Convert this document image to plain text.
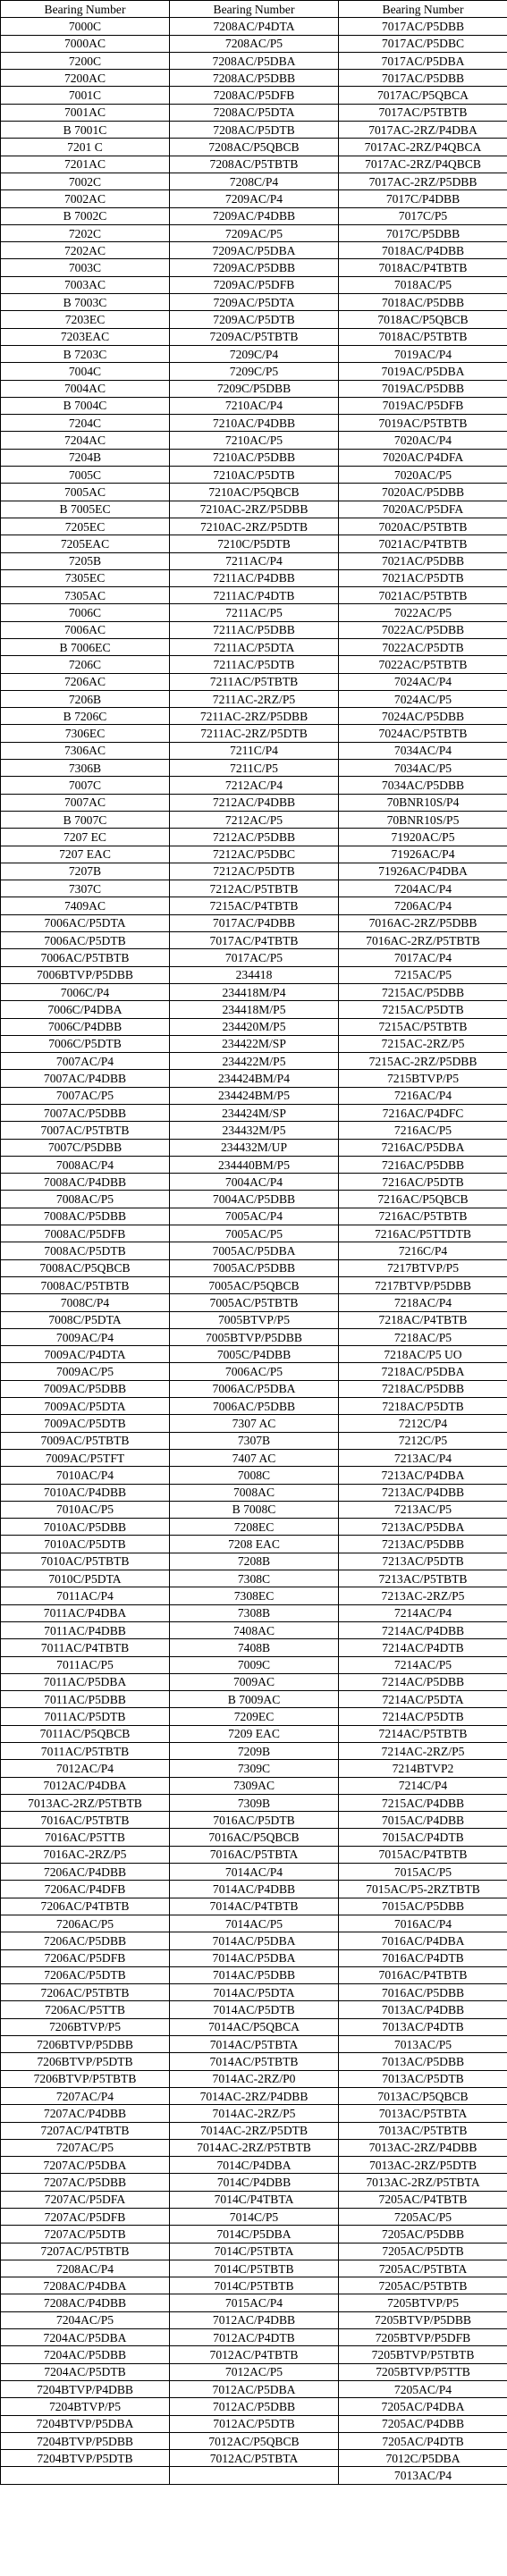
Bearing Number	Bearing Number	Bearing Number
7000C	7208AC/P4DTA	7017AC/P5DBB
7000AC	7208AC/P5	7017AC/P5DBC
7200C	7208AC/P5DBA	7017AC/P5DBA
7200AC	7208AC/P5DBB	7017AC/P5DBB
7001C	7208AC/P5DFB	7017AC/P5QBCA
7001AC	7208AC/P5DTA	7017AC/P5TBTB
B 7001C	7208AC/P5DTB	7017AC-2RZ/P4DBA
7201 C	7208AC/P5QBCB	7017AC-2RZ/P4QBCA
7201AC	7208AC/P5TBTB	7017AC-2RZ/P4QBCB
7002C	7208C/P4	7017AC-2RZ/P5DBB
7002AC	7209AC/P4	7017C/P4DBB
B 7002C	7209AC/P4DBB	7017C/P5
7202C	7209AC/P5	7017C/P5DBB
7202AC	7209AC/P5DBA	7018AC/P4DBB
7003C	7209AC/P5DBB	7018AC/P4TBTB
7003AC	7209AC/P5DFB	7018AC/P5
B 7003C	7209AC/P5DTA	7018AC/P5DBB
7203EC	7209AC/P5DTB	7018AC/P5QBCB
7203EAC	7209AC/P5TBTB	7018AC/P5TBTB
B 7203C	7209C/P4	7019AC/P4
7004C	7209C/P5	7019AC/P5DBA
7004AC	7209C/P5DBB	7019AC/P5DBB
B 7004C	7210AC/P4	7019AC/P5DFB
7204C	7210AC/P4DBB	7019AC/P5TBTB
7204AC	7210AC/P5	7020AC/P4
7204B	7210AC/P5DBB	7020AC/P4DFA
7005C	7210AC/P5DTB	7020AC/P5
7005AC	7210AC/P5QBCB	7020AC/P5DBB
B 7005EC	7210AC-2RZ/P5DBB	7020AC/P5DFA
7205EC	7210AC-2RZ/P5DTB	7020AC/P5TBTB
7205EAC	7210C/P5DTB	7021AC/P4TBTB
7205B	7211AC/P4	7021AC/P5DBB
7305EC	7211AC/P4DBB	7021AC/P5DTB
7305AC	7211AC/P4DTB	7021AC/P5TBTB
7006C	7211AC/P5	7022AC/P5
7006AC	7211AC/P5DBB	7022AC/P5DBB
B 7006EC	7211AC/P5DTA	7022AC/P5DTB
7206C	7211AC/P5DTB	7022AC/P5TBTB
7206AC	7211AC/P5TBTB	7024AC/P4
7206B	7211AC-2RZ/P5	7024AC/P5
B 7206C	7211AC-2RZ/P5DBB	7024AC/P5DBB
7306EC	7211AC-2RZ/P5DTB	7024AC/P5TBTB
7306AC	7211C/P4	7034AC/P4
7306B	7211C/P5	7034AC/P5
7007C	7212AC/P4	7034AC/P5DBB
7007AC	7212AC/P4DBB	70BNR10S/P4
B 7007C	7212AC/P5	70BNR10S/P5
7207 EC	7212AC/P5DBB	71920AC/P5
7207 EAC	7212AC/P5DBC	71926AC/P4
7207B	7212AC/P5DTB	71926AC/P4DBA
7307C	7212AC/P5TBTB	7204AC/P4
7409AC	7215AC/P4TBTB	7206AC/P4
7006AC/P5DTA	7017AC/P4DBB	7016AC-2RZ/P5DBB
7006AC/P5DTB	7017AC/P4TBTB	7016AC-2RZ/P5TBTB
7006AC/P5TBTB	7017AC/P5	7017AC/P4
7006BTVP/P5DBB	234418	7215AC/P5
7006C/P4	234418M/P4	7215AC/P5DBB
7006C/P4DBA	234418M/P5	7215AC/P5DTB
7006C/P4DBB	234420M/P5	7215AC/P5TBTB
7006C/P5DTB	234422M/SP	7215AC-2RZ/P5
7007AC/P4	234422M/P5	7215AC-2RZ/P5DBB
7007AC/P4DBB	234424BM/P4	7215BTVP/P5
7007AC/P5	234424BM/P5	7216AC/P4
7007AC/P5DBB	234424M/SP	7216AC/P4DFC
7007AC/P5TBTB	234432M/P5	7216AC/P5
7007C/P5DBB	234432M/UP	7216AC/P5DBA
7008AC/P4	234440BM/P5	7216AC/P5DBB
7008AC/P4DBB	7004AC/P4	7216AC/P5DTB
7008AC/P5	7004AC/P5DBB	7216AC/P5QBCB
7008AC/P5DBB	7005AC/P4	7216AC/P5TBTB
7008AC/P5DFB	7005AC/P5	7216AC/P5TTDTB
7008AC/P5DTB	7005AC/P5DBA	7216C/P4
7008AC/P5QBCB	7005AC/P5DBB	7217BTVP/P5
7008AC/P5TBTB	7005AC/P5QBCB	7217BTVP/P5DBB
7008C/P4	7005AC/P5TBTB	7218AC/P4
7008C/P5DTA	7005BTVP/P5	7218AC/P4TBTB
7009AC/P4	7005BTVP/P5DBB	7218AC/P5
7009AC/P4DTA	7005C/P4DBB	7218AC/P5 UO
7009AC/P5	7006AC/P5	7218AC/P5DBA
7009AC/P5DBB	7006AC/P5DBA	7218AC/P5DBB
7009AC/P5DTA	7006AC/P5DBB	7218AC/P5DTB
7009AC/P5DTB	7307 AC	7212C/P4
7009AC/P5TBTB	7307B	7212C/P5
7009AC/P5TFT	7407 AC	7213AC/P4
7010AC/P4	7008C	7213AC/P4DBA
7010AC/P4DBB	7008AC	7213AC/P4DBB
7010AC/P5	B 7008C	7213AC/P5
7010AC/P5DBB	7208EC	7213AC/P5DBA
7010AC/P5DTB	7208 EAC	7213AC/P5DBB
7010AC/P5TBTB	7208B	7213AC/P5DTB
7010C/P5DTA	7308C	7213AC/P5TBTB
7011AC/P4	7308EC	7213AC-2RZ/P5
7011AC/P4DBA	7308B	7214AC/P4
7011AC/P4DBB	7408AC	7214AC/P4DBB
7011AC/P4TBTB	7408B	7214AC/P4DTB
7011AC/P5	7009C	7214AC/P5
7011AC/P5DBA	7009AC	7214AC/P5DBB
7011AC/P5DBB	B 7009AC	7214AC/P5DTA
7011AC/P5DTB	7209EC	7214AC/P5DTB
7011AC/P5QBCB	7209 EAC	7214AC/P5TBTB
7011AC/P5TBTB	7209B	7214AC-2RZ/P5
7012AC/P4	7309C	7214BTVP2
7012AC/P4DBA	7309AC	7214C/P4
7013AC-2RZ/P5TBTB	7309B	7215AC/P4DBB
7016AC/P5TBTB	7016AC/P5DTB	7015AC/P4DBB
7016AC/P5TTB	7016AC/P5QBCB	7015AC/P4DTB
7016AC-2RZ/P5	7016AC/P5TBTA	7015AC/P4TBTB
7206AC/P4DBB	7014AC/P4	7015AC/P5
7206AC/P4DFB	7014AC/P4DBB	7015AC/P5-2RZTBTB
7206AC/P4TBTB	7014AC/P4TBTB	7015AC/P5DBB
7206AC/P5	7014AC/P5	7016AC/P4
7206AC/P5DBB	7014AC/P5DBA	7016AC/P4DBA
7206AC/P5DFB	7014AC/P5DBA	7016AC/P4DTB
7206AC/P5DTB	7014AC/P5DBB	7016AC/P4TBTB
7206AC/P5TBTB	7014AC/P5DTA	7016AC/P5DBB
7206AC/P5TTB	7014AC/P5DTB	7013AC/P4DBB
7206BTVP/P5	7014AC/P5QBCA	7013AC/P4DTB
7206BTVP/P5DBB	7014AC/P5TBTA	7013AC/P5
7206BTVP/P5DTB	7014AC/P5TBTB	7013AC/P5DBB
7206BTVP/P5TBTB	7014AC-2RZ/P0	7013AC/P5DTB
7207AC/P4	7014AC-2RZ/P4DBB	7013AC/P5QBCB
7207AC/P4DBB	7014AC-2RZ/P5	7013AC/P5TBTA
7207AC/P4TBTB	7014AC-2RZ/P5DTB	7013AC/P5TBTB
7207AC/P5	7014AC-2RZ/P5TBTB	7013AC-2RZ/P4DBB
7207AC/P5DBA	7014C/P4DBA	7013AC-2RZ/P5DTB
7207AC/P5DBB	7014C/P4DBB	7013AC-2RZ/P5TBTA
7207AC/P5DFA	7014C/P4TBTA	7205AC/P4TBTB
7207AC/P5DFB	7014C/P5	7205AC/P5
7207AC/P5DTB	7014C/P5DBA	7205AC/P5DBB
7207AC/P5TBTB	7014C/P5TBTA	7205AC/P5DTB
7208AC/P4	7014C/P5TBTB	7205AC/P5TBTA
7208AC/P4DBA	7014C/P5TBTB	7205AC/P5TBTB
7208AC/P4DBB	7015AC/P4	7205BTVP/P5
7204AC/P5	7012AC/P4DBB	7205BTVP/P5DBB
7204AC/P5DBA	7012AC/P4DTB	7205BTVP/P5DFB
7204AC/P5DBB	7012AC/P4TBTB	7205BTVP/P5TBTB
7204AC/P5DTB	7012AC/P5	7205BTVP/P5TTB
7204BTVP/P4DBB	7012AC/P5DBA	7205AC/P4
7204BTVP/P5	7012AC/P5DBB	7205AC/P4DBA
7204BTVP/P5DBA	7012AC/P5DTB	7205AC/P4DBB
7204BTVP/P5DBB	7012AC/P5QBCB	7205AC/P4DTB
7204BTVP/P5DTB	7012AC/P5TBTA	7012C/P5DBA
		7013AC/P4
